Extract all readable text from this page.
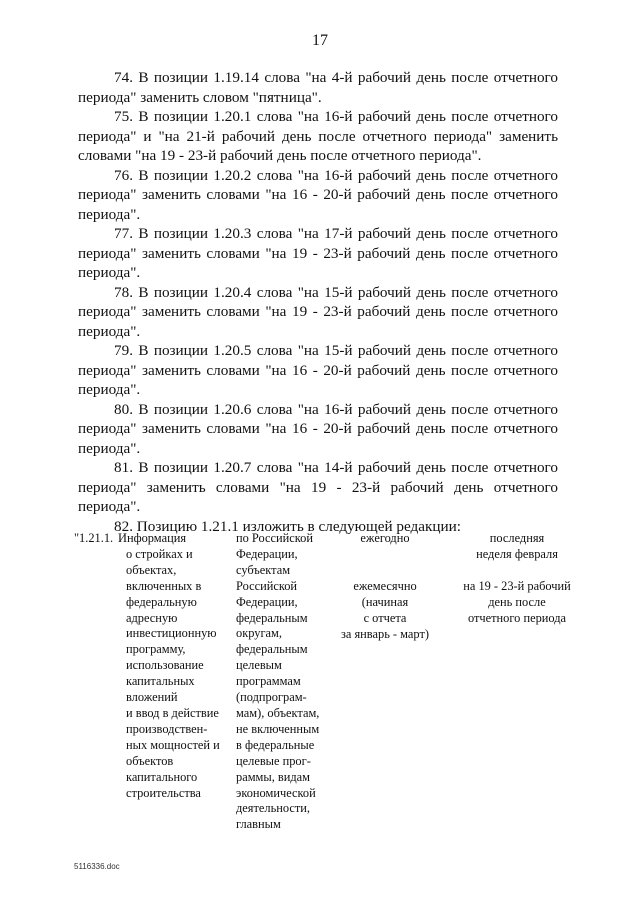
17

74. В позиции 1.19.14 слова "на 4-й рабочий день после отчетного периода" заменить словом "пятница".

75. В позиции 1.20.1 слова "на 16-й рабочий день после отчетного периода" и "на 21-й рабочий день после отчетного периода" заменить словами "на 19 - 23-й рабочий день после отчетного периода".

76. В позиции 1.20.2 слова "на 16-й рабочий день после отчетного периода" заменить словами "на 16 - 20-й рабочий день после отчетного периода".

77. В позиции 1.20.3 слова "на 17-й рабочий день после отчетного периода" заменить словами "на 19 - 23-й рабочий день после отчетного периода".

78. В позиции 1.20.4 слова "на 15-й рабочий день после отчетного периода" заменить словами "на 19 - 23-й рабочий день после отчетного периода".

79. В позиции 1.20.5 слова "на 15-й рабочий день после отчетного периода" заменить словами "на 16 - 20-й рабочий день после отчетного периода".

80. В позиции 1.20.6 слова "на 16-й рабочий день после отчетного периода" заменить словами "на 16 - 20-й рабочий день после отчетного периода".

81. В позиции 1.20.7 слова "на 14-й рабочий день после отчетного периода" заменить словами "на 19 - 23-й рабочий день отчетного периода".

82. Позицию 1.21.1 изложить в следующей редакции:

"1.21.1. Информация
о стройках и
объектах,
включенных в
федеральную
адресную
инвестиционную
программу,
использование
капитальных
вложений
и ввод в действие
производствен-
ных мощностей и
объектов
капитального
строительства
по Российской
Федерации,
субъектам
Российской
Федерации,
федеральным
округам,
федеральным
целевым
программам
(подпрограм-
мам), объектам,
не включенным
в федеральные
целевые прог-
раммы, видам
экономической
деятельности,
главным
ежегодно
ежемесячно
(начиная
с отчета
за январь - март)
последняя
неделя февраля
на 19 - 23-й рабочий
день после
отчетного периода
5116336.doc
